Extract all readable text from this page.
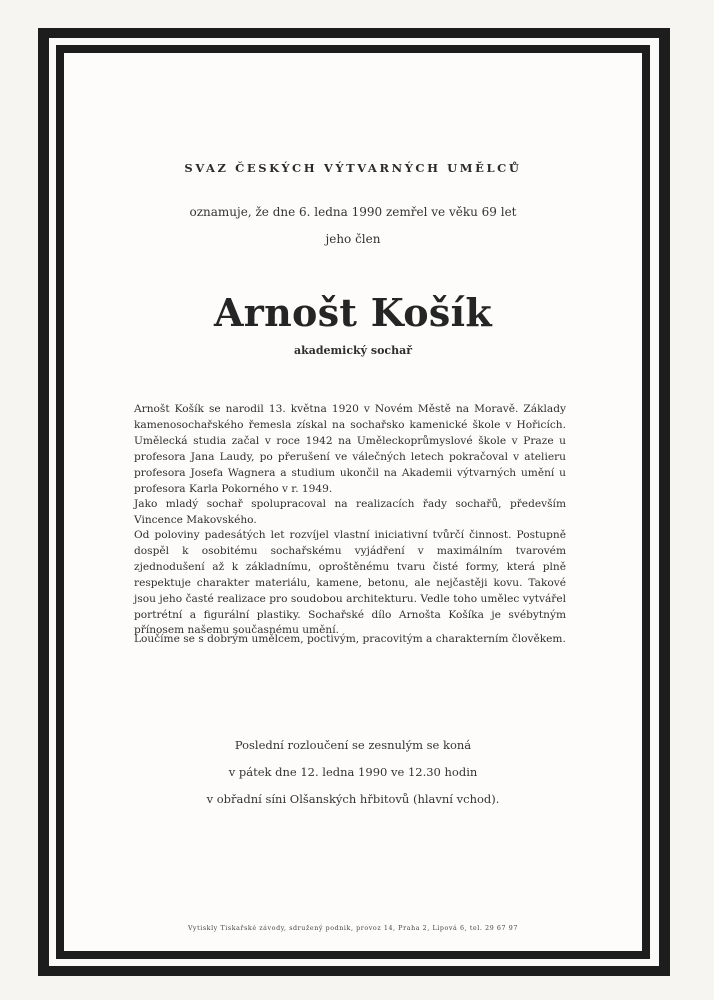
SVAZ ČESKÝCH VÝTVARNÝCH UMĚLCŮ
oznamuje, že dne 6. ledna 1990 zemřel ve věku 69 let
jeho člen
Arnošt Košík
akademický sochař

Arnošt Košík se narodil 13. května 1920 v Novém Městě na Moravě. Základy kamenosochařského řemesla získal na sochařsko kamenické škole v Hořicích. Umělecká studia začal v roce 1942 na Uměleckoprůmyslové škole v Praze u profesora Jana Laudy, po přerušení ve válečných letech pokračoval v atelieru profesora Josefa Wagnera a studium ukončil na Akademii výtvarných umění u profesora Karla Pokorného v r. 1949.

Jako mladý sochař spolupracoval na realizacích řady sochařů, především Vincence Makovského.

Od poloviny padesátých let rozvíjel vlastní iniciativní tvůrčí činnost. Postupně dospěl k osobitému sochařskému vyjádření v maximálním tvarovém zjednodušení až k základnímu, oproštěnému tvaru čisté formy, která plně respektuje charakter materiálu, kamene, betonu, ale nejčastěji kovu. Takové jsou jeho časté realizace pro soudobou architekturu. Vedle toho umělec vytvářel portrétní a figurální plastiky. Sochařské dílo Arnošta Košíka je svébytným přínosem našemu současnému umění.

Loučíme se s dobrým umělcem, poctivým, pracovitým a charakterním člověkem.

Poslední rozloučení se zesnulým se koná
v pátek dne 12. ledna 1990 ve 12.30 hodin
v obřadní síni Olšanských hřbitovů (hlavní vchod).
Vytiskly Tiskařské závody, sdružený podnik, provoz 14, Praha 2, Lipová 6, tel. 29 67 97
